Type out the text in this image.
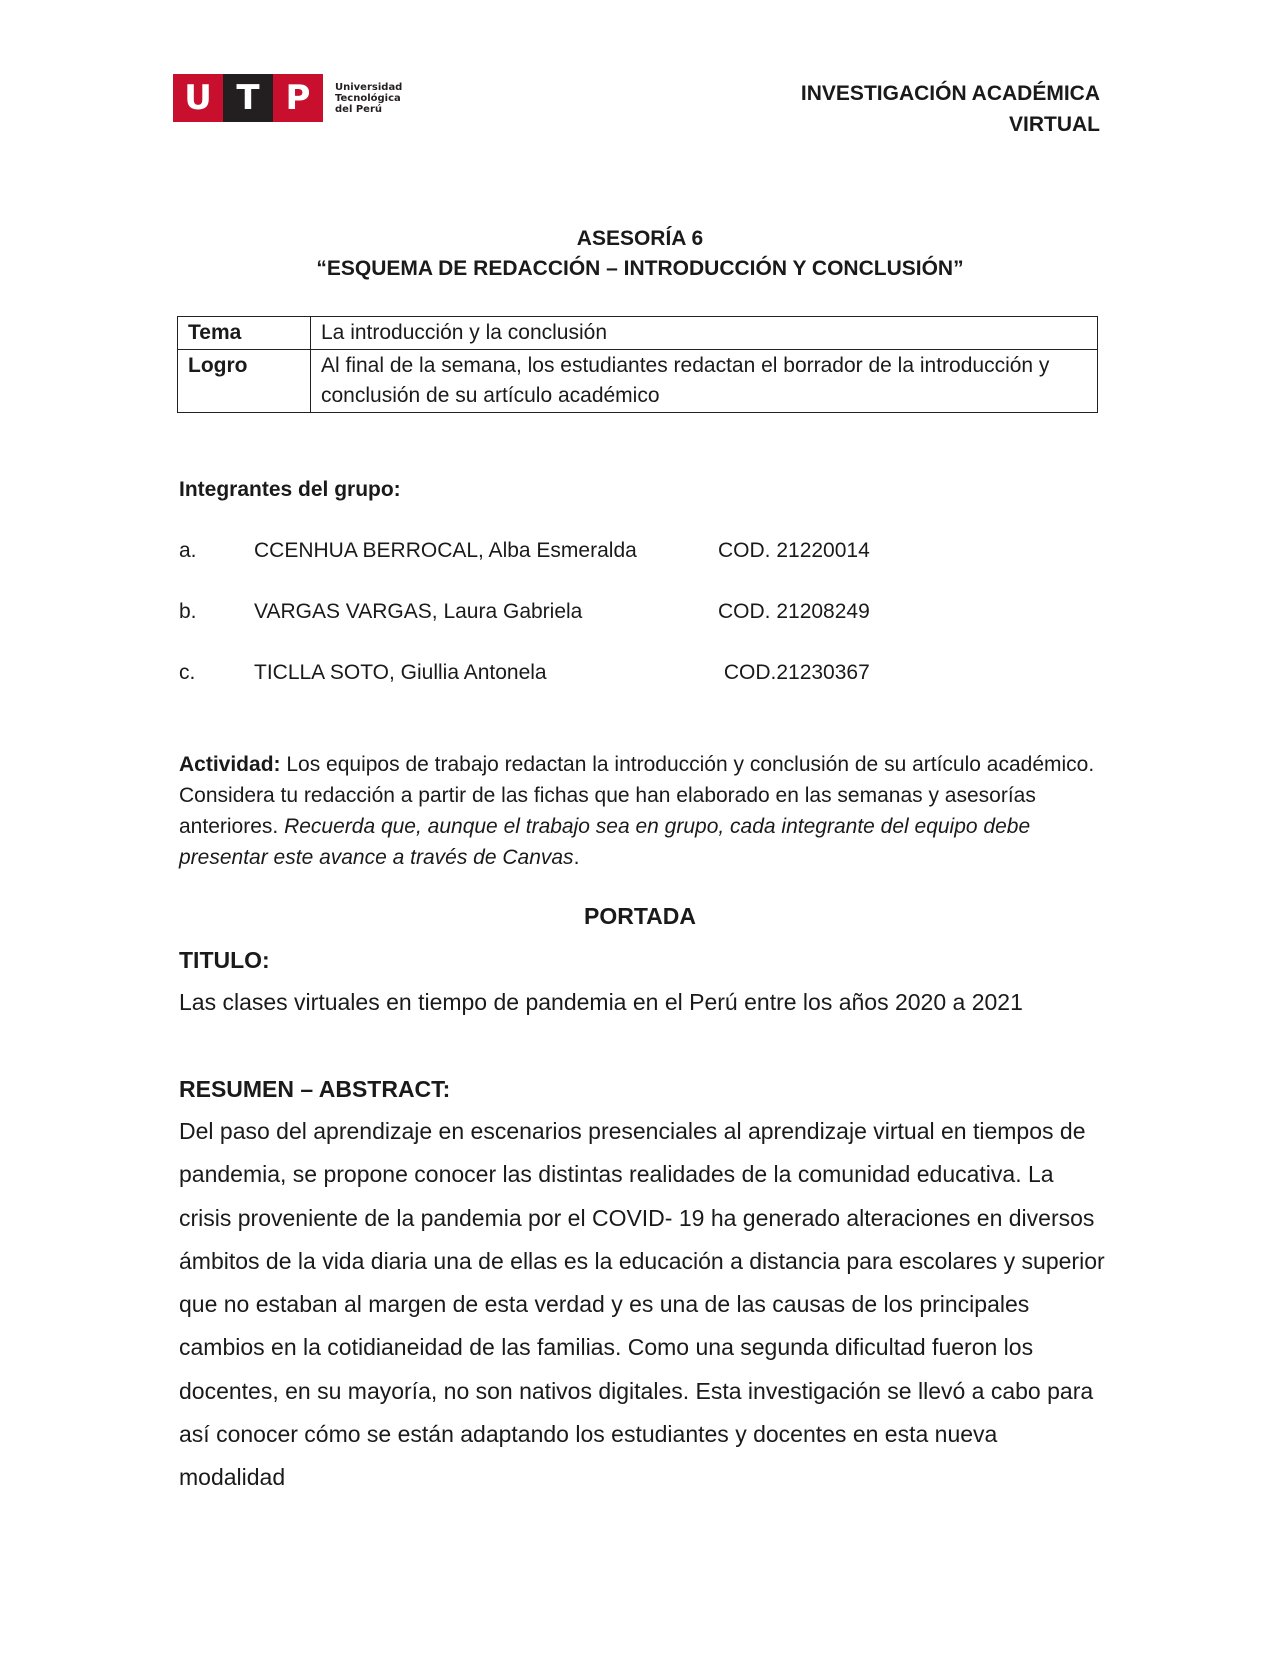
U T P	Universidad
Tecnológica
del Perú
INVESTIGACIÓN ACADÉMICA
VIRTUAL
ASESORÍA 6
“ESQUEMA DE REDACCIÓN – INTRODUCCIÓN Y CONCLUSIÓN”
Tema	La introducción y la conclusión
Logro	Al final de la semana, los estudiantes redactan el borrador de la introducción y conclusión de su artículo académico
Integrantes del grupo:
a.	CCENHUA BERROCAL, Alba Esmeralda	COD. 21220014
b.	VARGAS VARGAS, Laura Gabriela	COD. 21208249
c.	TICLLA SOTO, Giullia Antonela	COD.21230367
Actividad: Los equipos de trabajo redactan la introducción y conclusión de su artículo académico. Considera tu redacción a partir de las fichas que han elaborado en las semanas y asesorías anteriores. Recuerda que, aunque el trabajo sea en grupo, cada integrante del equipo debe presentar este avance a través de Canvas.
PORTADA
TITULO:
Las clases virtuales en tiempo de pandemia en el Perú entre los años 2020 a 2021
RESUMEN – ABSTRACT:
Del paso del aprendizaje en escenarios presenciales al aprendizaje virtual en tiempos de pandemia, se propone conocer las distintas realidades de la comunidad educativa. La crisis proveniente de la pandemia por el COVID- 19 ha generado alteraciones en diversos ámbitos de la vida diaria una de ellas es la educación a distancia para escolares y superior que no estaban al margen de esta verdad y es una de las causas de los principales cambios en la cotidianeidad de las familias. Como una segunda dificultad fueron los docentes, en su mayoría, no son nativos digitales. Esta investigación se llevó a cabo para así conocer cómo se están adaptando los estudiantes y docentes en esta nueva modalidad
